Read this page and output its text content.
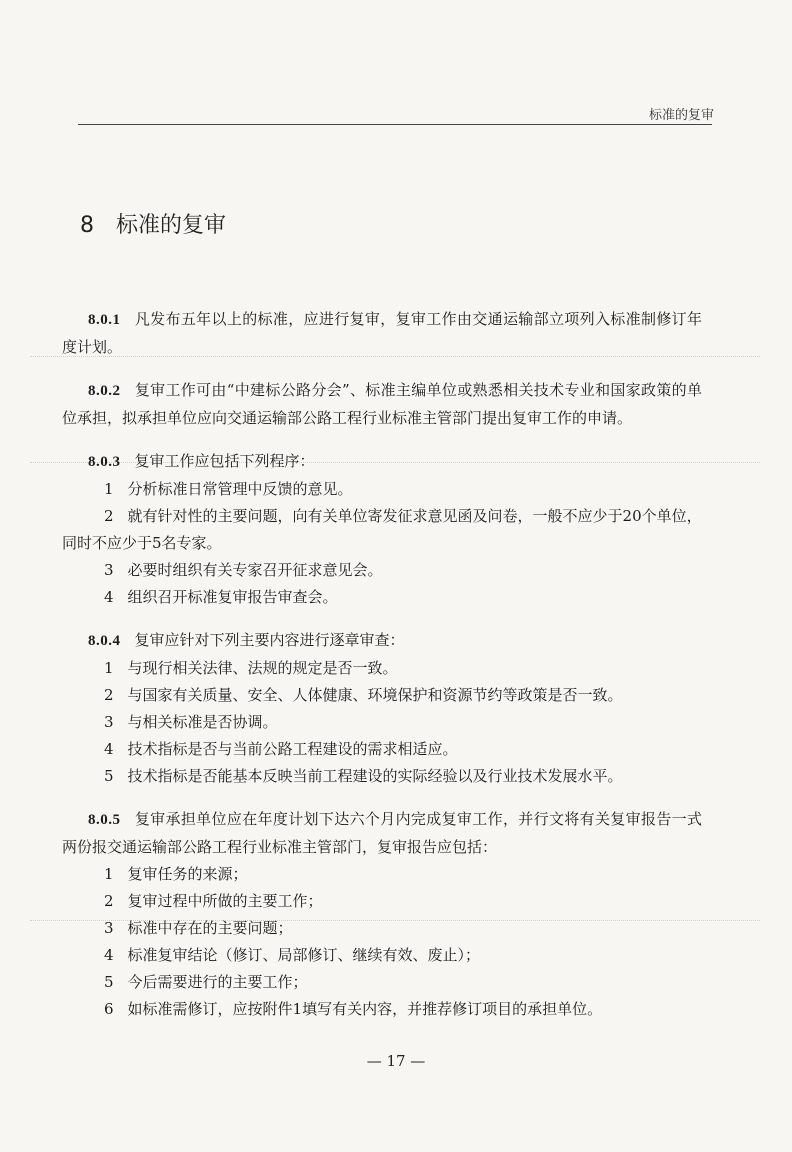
标准的复审
8 标准的复审

8.0.1 凡发布五年以上的标准，应进行复审，复审工作由交通运输部立项列入标准制修订年度计划。

8.0.2 复审工作可由“中建标公路分会”、标准主编单位或熟悉相关技术专业和国家政策的单位承担，拟承担单位应向交通运输部公路工程行业标准主管部门提出复审工作的申请。

8.0.3 复审工作应包括下列程序：

1 分析标准日常管理中反馈的意见。

2 就有针对性的主要问题，向有关单位寄发征求意见函及问卷，一般不应少于20个单位，同时不应少于5名专家。

3 必要时组织有关专家召开征求意见会。

4 组织召开标准复审报告审查会。

8.0.4 复审应针对下列主要内容进行逐章审查：

1 与现行相关法律、法规的规定是否一致。

2 与国家有关质量、安全、人体健康、环境保护和资源节约等政策是否一致。

3 与相关标准是否协调。

4 技术指标是否与当前公路工程建设的需求相适应。

5 技术指标是否能基本反映当前工程建设的实际经验以及行业技术发展水平。

8.0.5 复审承担单位应在年度计划下达六个月内完成复审工作，并行文将有关复审报告一式两份报交通运输部公路工程行业标准主管部门，复审报告应包括：

1 复审任务的来源；

2 复审过程中所做的主要工作；

3 标准中存在的主要问题；

4 标准复审结论（修订、局部修订、继续有效、废止）；

5 今后需要进行的主要工作；

6 如标准需修订，应按附件1填写有关内容，并推荐修订项目的承担单位。

— 17 —
